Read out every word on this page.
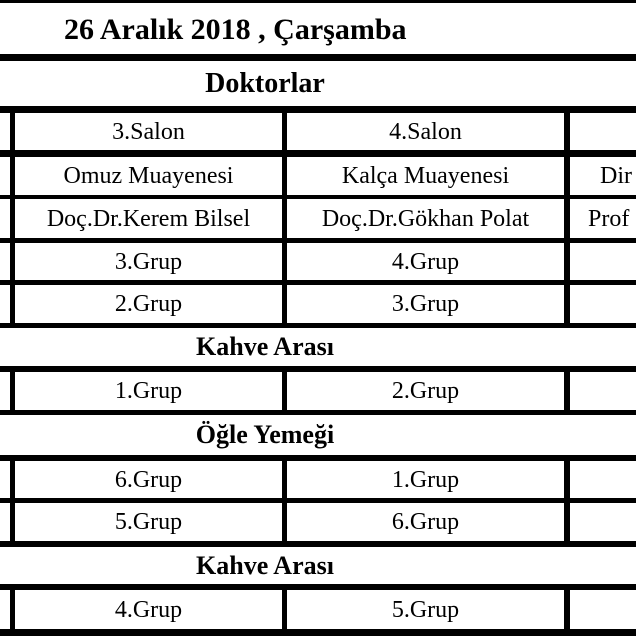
26 Aralık 2018 , Çarşamba
Doktorlar
3.Salon	4.Salon
Omuz Muayenesi	Kalça Muayenesi	Dir
Doç.Dr.Kerem Bilsel	Doç.Dr.Gökhan Polat	Prof
3.Grup	4.Grup
2.Grup	3.Grup
Kahve Arası
1.Grup	2.Grup
Öğle Yemeği
6.Grup	1.Grup
5.Grup	6.Grup
Kahve Arası
4.Grup	5.Grup
